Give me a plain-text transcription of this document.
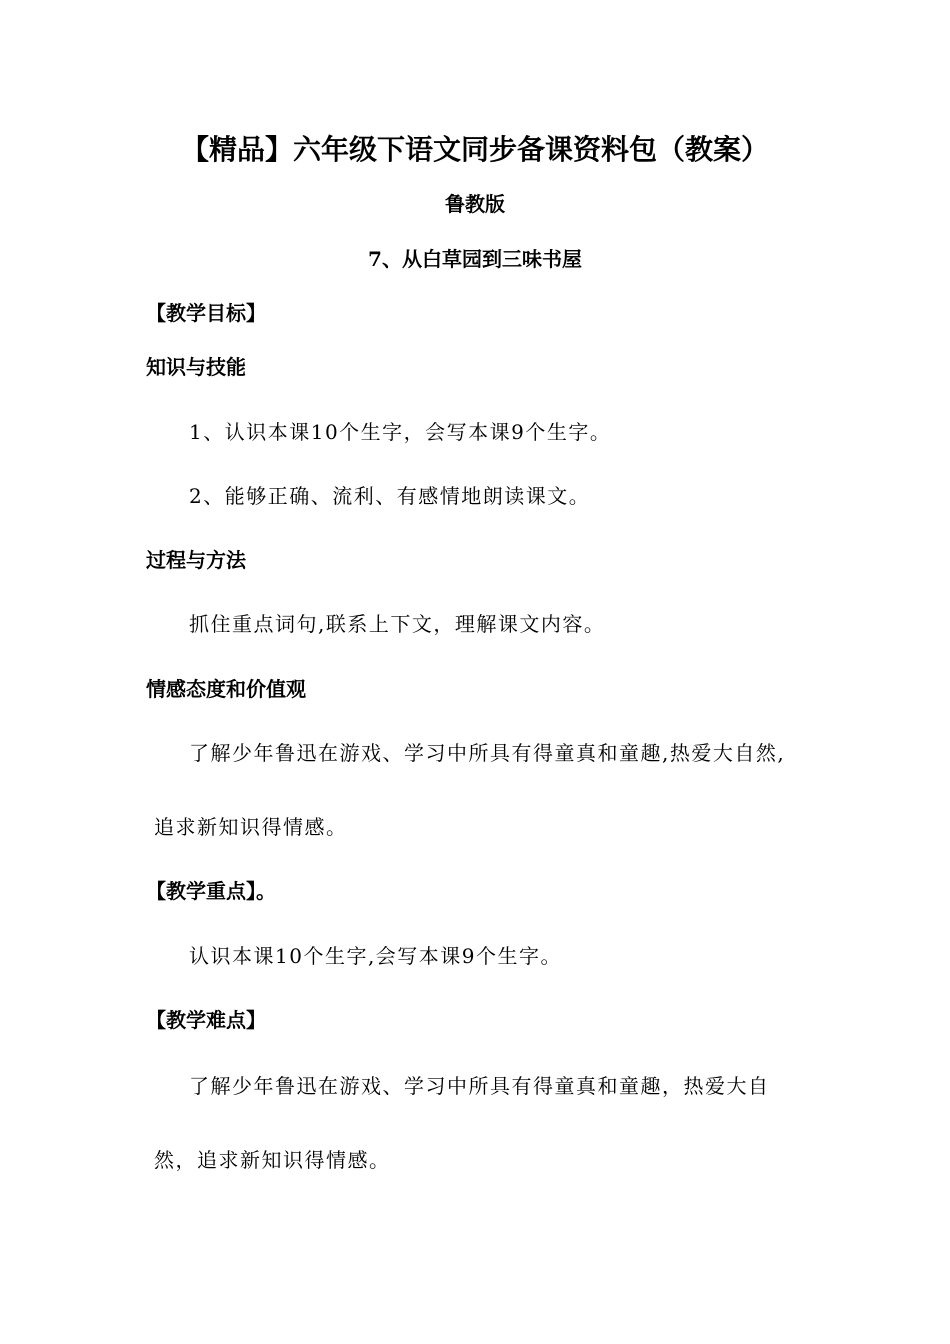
【精品】六年级下语文同步备课资料包（教案）
鲁教版
7、从白草园到三味书屋
【教学目标】
知识与技能
1、认识本课10个生字，会写本课9个生字。
2、能够正确、流利、有感情地朗读课文。
过程与方法
抓住重点词句,联系上下文，理解课文内容。
情感态度和价值观
了解少年鲁迅在游戏、学习中所具有得童真和童趣,热爱大自然,
追求新知识得情感。
【教学重点】。
认识本课10个生字,会写本课9个生字。
【教学难点】
了解少年鲁迅在游戏、学习中所具有得童真和童趣，热爱大自
然，追求新知识得情感。
